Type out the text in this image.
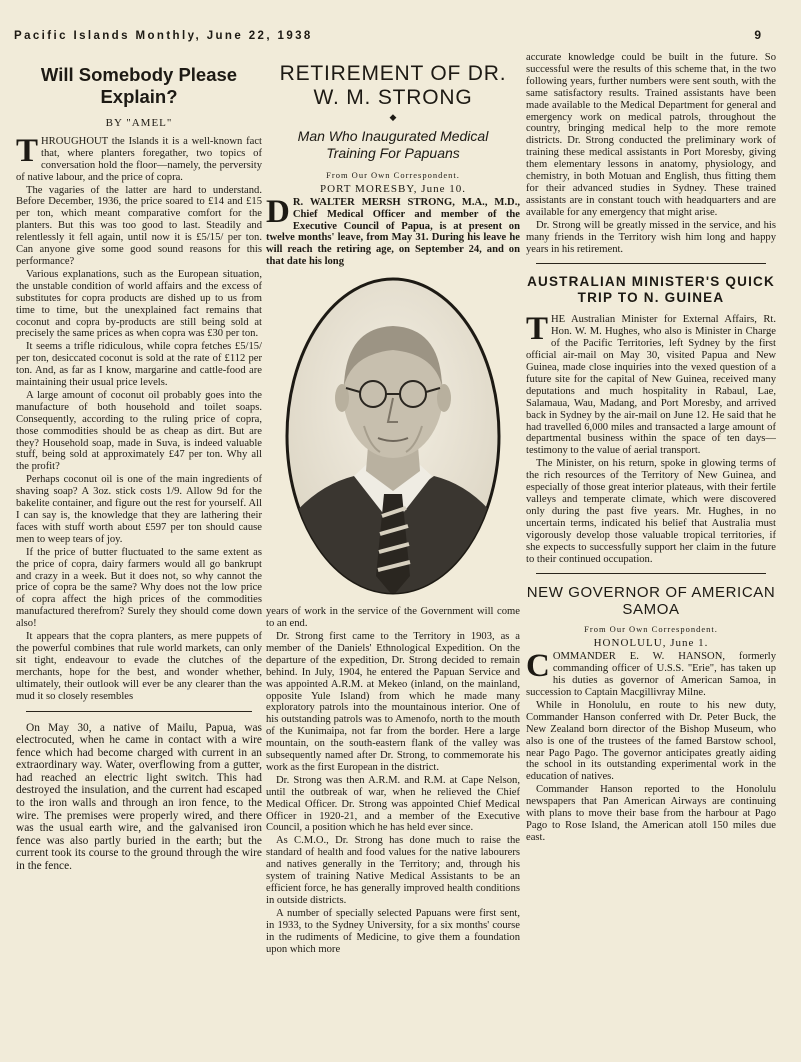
Pacific Islands Monthly, June 22, 1938	9
Will Somebody Please Explain?
BY "AMEL"

THROUGHOUT the Islands it is a well-known fact that, where planters foregather, two topics of conversation hold the floor—namely, the perversity of native labour, and the price of copra.

The vagaries of the latter are hard to understand. Before December, 1936, the price soared to £14 and £15 per ton, which meant comparative comfort for the planters. But this was too good to last. Steadily and relentlessly it fell again, until now it is £5/15/ per ton. Can anyone give some good sound reasons for this performance?

Various explanations, such as the European situation, the unstable condition of world affairs and the excess of substitutes for copra products are dished up to us from time to time, but the unexplained fact remains that coconut and copra by-products are still being sold at precisely the same prices as when copra was £30 per ton.

It seems a trifle ridiculous, while copra fetches £5/15/ per ton, desiccated coconut is sold at the rate of £112 per ton. And, as far as I know, margarine and cattle-food are maintaining their usual price levels.

A large amount of coconut oil probably goes into the manufacture of both household and toilet soaps. Consequently, according to the ruling price of copra, those commodities should be as cheap as dirt. But are they? Household soap, made in Suva, is indeed valuable stuff, being sold at approximately £47 per ton. Why all the profit?

Perhaps coconut oil is one of the main ingredients of shaving soap? A 3oz. stick costs 1/9. Allow 9d for the bakelite container, and figure out the rest for yourself. All I can say is, the knowledge that they are lathering their faces with stuff worth about £597 per ton should cause men to weep tears of joy.

If the price of butter fluctuated to the same extent as the price of copra, dairy farmers would all go bankrupt and crazy in a week. But it does not, so why cannot the price of copra be the same? Why does not the low price of copra affect the high prices of the commodities manufactured therefrom? Surely they should come down also!

It appears that the copra planters, as mere puppets of the powerful combines that rule world markets, can only sit tight, endeavour to evade the clutches of the merchants, hope for the best, and wonder whether, ultimately, their outlook will ever be any clearer than the mud it so closely resembles

On May 30, a native of Mailu, Papua, was electrocuted, when he came in contact with a wire fence which had become charged with current in an extraordinary way. Water, overflowing from a gutter, had reached an electric light switch. This had destroyed the insulation, and the current had escaped to the iron walls and through an iron fence, to the wire. The premises were properly wired, and there was the usual earth wire, and the galvanised iron fence was also partly buried in the earth; but the current took its course to the ground through the wire in the fence.

RETIREMENT OF DR. W. M. STRONG
◆
Man Who Inaugurated Medical Training For Papuans
From Our Own Correspondent.
PORT MORESBY, June 10.

D R. WALTER MERSH STRONG, M.A., M.D., Chief Medical Officer and member of the Executive Council of Papua, is at present on twelve months' leave, from May 31. During his leave he will reach the retiring age, on September 24, and on that date his long

years of work in the service of the Government will come to an end.

Dr. Strong first came to the Territory in 1903, as a member of the Daniels' Ethnological Expedition. On the departure of the expedition, Dr. Strong decided to remain behind. In July, 1904, he entered the Papuan Service and was appointed A.R.M. at Mekeo (inland, on the mainland, opposite Yule Island) from which he made many exploratory patrols into the mountainous interior. One of his outstanding patrols was to Amenofo, north to the mouth of the Kunimaipa, not far from the border. Here a large mountain, on the south-eastern flank of the valley was subsequently named after Dr. Strong, to commemorate his work as the first European in the district.

Dr. Strong was then A.R.M. and R.M. at Cape Nelson, until the outbreak of war, when he relieved the Chief Medical Officer. Dr. Strong was appointed Chief Medical Officer in 1920-21, and a member of the Executive Council, a position which he has held ever since.

As C.M.O., Dr. Strong has done much to raise the standard of health and food values for the native labourers and natives generally in the Territory; and, through his system of training Native Medical Assistants to be an efficient force, he has generally improved health conditions in outside districts.

A number of specially selected Papuans were first sent, in 1933, to the Sydney University, for a six months' course in the rudiments of Medicine, to give them a foundation upon which more

accurate knowledge could be built in the future. So successful were the results of this scheme that, in the two following years, further numbers were sent south, with the same satisfactory results. Trained assistants have been made available to the Medical Department for general and emergency work on medical patrols, throughout the country, bringing medical help to the more remote districts. Dr. Strong conducted the preliminary work of training these medical assistants in Port Moresby, giving them elementary lessons in anatomy, physiology, and chemistry, in both Motuan and English, thus fitting them for their advanced studies in Sydney. These trained assistants are in constant touch with headquarters and are available for any emergency that might arise.

Dr. Strong will be greatly missed in the service, and his many friends in the Territory wish him long and happy years in his retirement.

AUSTRALIAN MINISTER'S QUICK TRIP TO N. GUINEA

THE Australian Minister for External Affairs, Rt. Hon. W. M. Hughes, who also is Minister in Charge of the Pacific Territories, left Sydney by the first official air-mail on May 30, visited Papua and New Guinea, made close inquiries into the vexed question of a future site for the capital of New Guinea, received many deputations and much hospitality in Rabaul, Lae, Salamaua, Wau, Madang, and Port Moresby, and arrived back in Sydney by the air-mail on June 12. He said that he had travelled 6,000 miles and transacted a large amount of departmental business within the space of ten days—testimony to the value of aerial transport.

The Minister, on his return, spoke in glowing terms of the rich resources of the Territory of New Guinea, and especially of those great interior plateaus, with their fertile valleys and temperate climate, which were discovered only during the past five years. Mr. Hughes, in no uncertain terms, indicated his belief that Australia must vigorously develop those valuable tropical territories, if she expects to successfully support her claim in the future to their continued occupation.

NEW GOVERNOR OF AMERICAN SAMOA
From Our Own Correspondent.
HONOLULU, June 1.

COMMANDER E. W. HANSON, formerly commanding officer of U.S.S. "Erie", has taken up his duties as governor of American Samoa, in succession to Captain Macgillivray Milne.

While in Honolulu, en route to his new duty, Commander Hanson conferred with Dr. Peter Buck, the New Zealand born director of the Bishop Museum, who also is one of the trustees of the famed Barstow school, near Pago Pago. The governor anticipates greatly aiding the school in its outstanding experimental work in the education of natives.

Commander Hanson reported to the Honolulu newspapers that Pan American Airways are continuing with plans to move their base from the harbour at Pago Pago to Rose Island, the American atoll 150 miles due east.
